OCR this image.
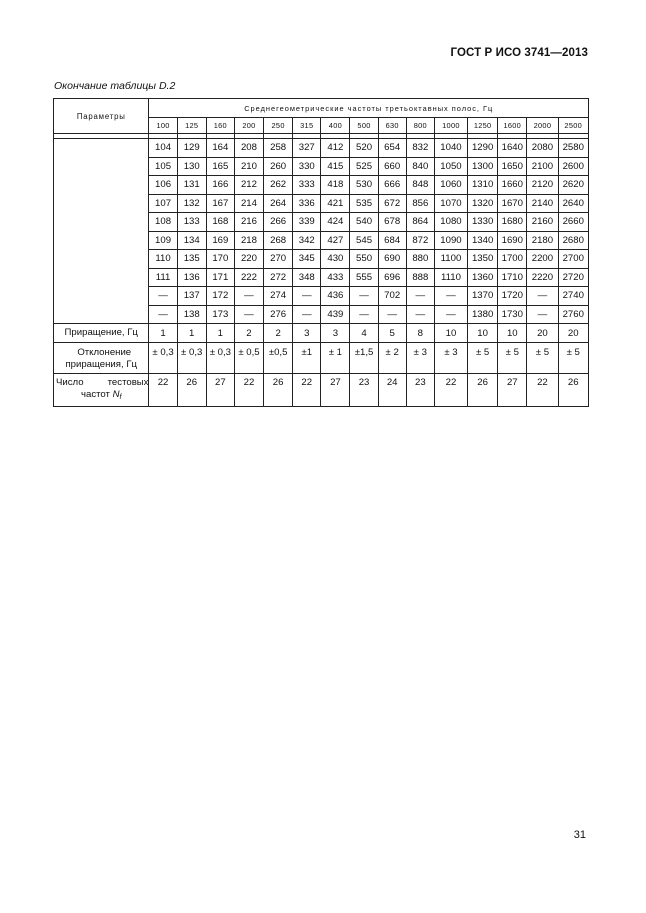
ГОСТ Р ИСО 3741—2013
Окончание таблицы D.2
Параметры	Среднегеометрические частоты третьоктавных полос, Гц														
	100	125	160	200	250	315	400	500	630	800	1000	1250	1600	2000	2500

	104	129	164	208	258	327	412	520	654	832	1040	1290	1640	2080	2580
	105	130	165	210	260	330	415	525	660	840	1050	1300	1650	2100	2600
	106	131	166	212	262	333	418	530	666	848	1060	1310	1660	2120	2620
	107	132	167	214	264	336	421	535	672	856	1070	1320	1670	2140	2640
	108	133	168	216	266	339	424	540	678	864	1080	1330	1680	2160	2660
	109	134	169	218	268	342	427	545	684	872	1090	1340	1690	2180	2680
	110	135	170	220	270	345	430	550	690	880	1100	1350	1700	2200	2700
	111	136	171	222	272	348	433	555	696	888	1110	1360	1710	2220	2720
	—	137	172	—	274	—	436	—	702	—	—	1370	1720	—	2740
	—	138	173	—	276	—	439	—	—	—	—	1380	1730	—	2760
Приращение, Гц	1	1	1	2	2	3	3	4	5	8	10	10	10	20	20

Отклонение
приращения, Гц	± 0,3	± 0,3	± 0,3	± 0,5	±0,5	±1	± 1	±1,5	± 2	± 3	± 3	± 5	± 5	± 5	± 5

Число тестовых
частот $N_f$	22	26	27	22	26	22	27	23	24	23	22	26	27	22	26
31
